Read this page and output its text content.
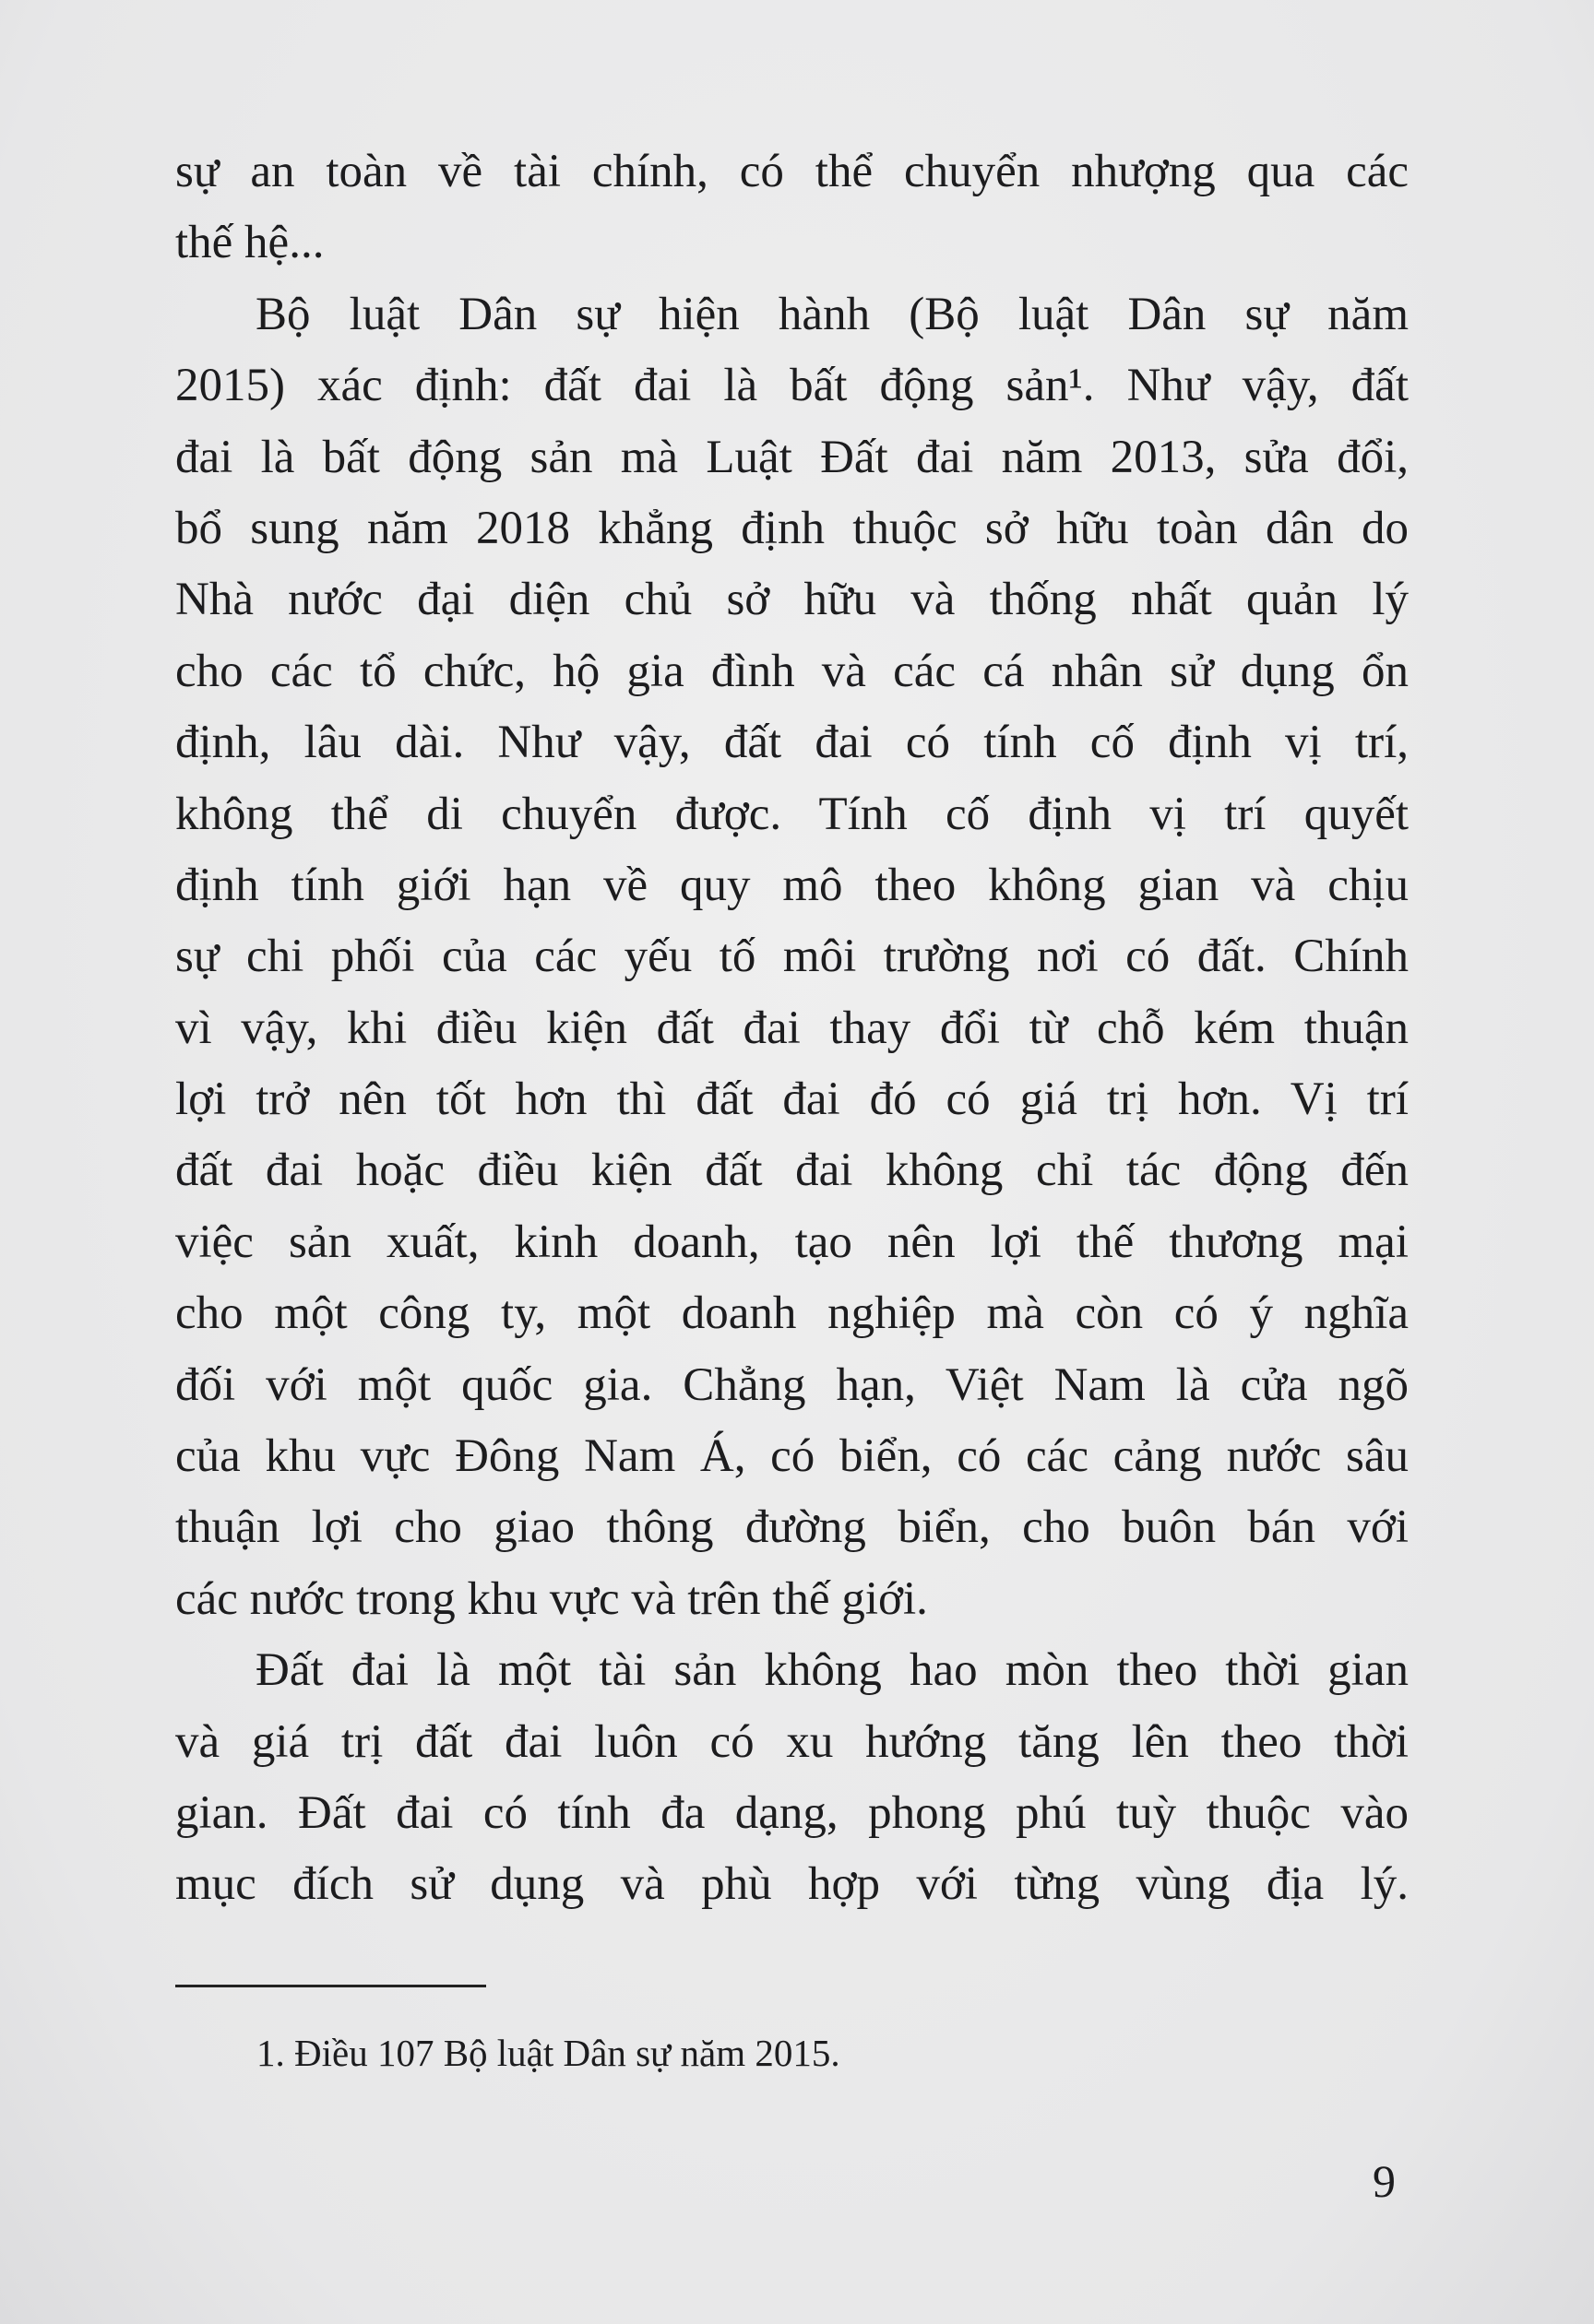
sự an toàn về tài chính, có thể chuyển nhượng qua các
thế hệ...
Bộ luật Dân sự hiện hành (Bộ luật Dân sự năm
2015) xác định: đất đai là bất động sản¹. Như vậy, đất
đai là bất động sản mà Luật Đất đai năm 2013, sửa đổi,
bổ sung năm 2018 khẳng định thuộc sở hữu toàn dân do
Nhà nước đại diện chủ sở hữu và thống nhất quản lý
cho các tổ chức, hộ gia đình và các cá nhân sử dụng ổn
định, lâu dài. Như vậy, đất đai có tính cố định vị trí,
không thể di chuyển được. Tính cố định vị trí quyết
định tính giới hạn về quy mô theo không gian và chịu
sự chi phối của các yếu tố môi trường nơi có đất. Chính
vì vậy, khi điều kiện đất đai thay đổi từ chỗ kém thuận
lợi trở nên tốt hơn thì đất đai đó có giá trị hơn. Vị trí
đất đai hoặc điều kiện đất đai không chỉ tác động đến
việc sản xuất, kinh doanh, tạo nên lợi thế thương mại
cho một công ty, một doanh nghiệp mà còn có ý nghĩa
đối với một quốc gia. Chẳng hạn, Việt Nam là cửa ngõ
của khu vực Đông Nam Á, có biển, có các cảng nước sâu
thuận lợi cho giao thông đường biển, cho buôn bán với
các nước trong khu vực và trên thế giới.
Đất đai là một tài sản không hao mòn theo thời gian
và giá trị đất đai luôn có xu hướng tăng lên theo thời
gian. Đất đai có tính đa dạng, phong phú tuỳ thuộc vào
mục đích sử dụng và phù hợp với từng vùng địa lý.
1. Điều 107 Bộ luật Dân sự năm 2015.
9
